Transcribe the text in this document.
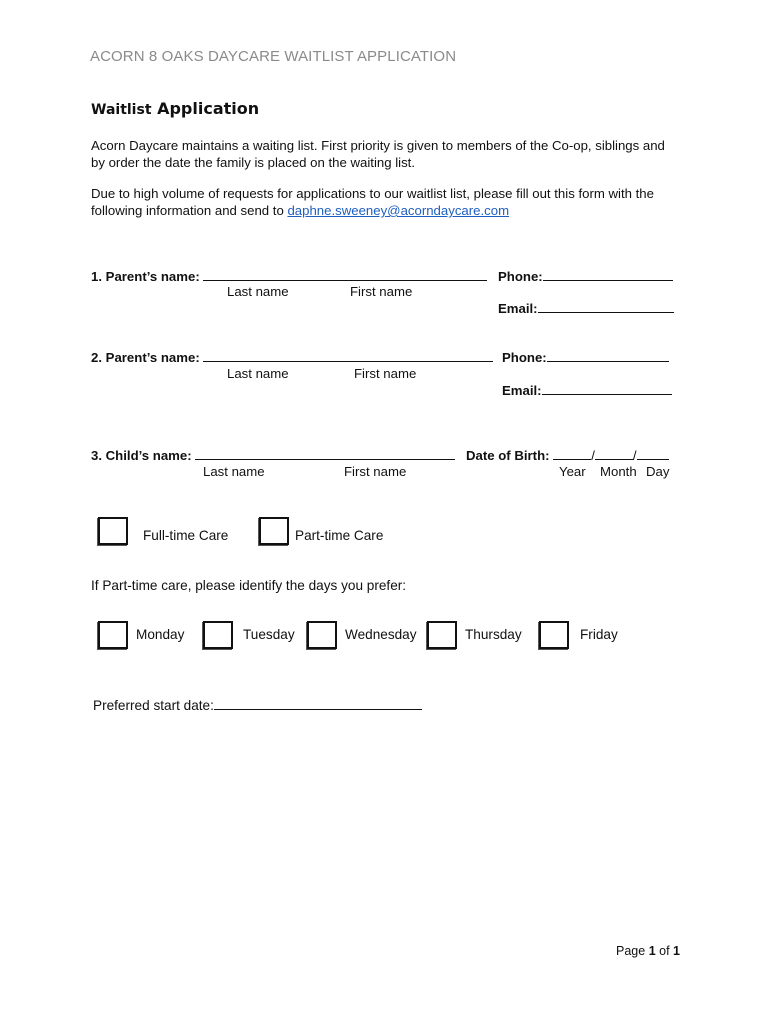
ACORN 8 OAKS DAYCARE WAITLIST APPLICATION
Waitlist Application
Acorn Daycare maintains a waiting list. First priority is given to members of the Co-op, siblings and by order the date the family is placed on the waiting list.
Due to high volume of requests for applications to our waitlist list, please fill out this form with the following information and send to daphne.sweeney@acorndaycare.com
1. Parent’s name:	Phone:
Last name	First name
Email:
2. Parent’s name:	Phone:
Last name	First name
Email:
3. Child’s name:	Date of Birth:	/	/
Last name	First name	Year Month Day
Full-time Care	Part-time Care
If Part-time care, please identify the days you prefer:
Monday	Tuesday	Wednesday	Thursday	Friday
Preferred start date:
Page 1 of 1
